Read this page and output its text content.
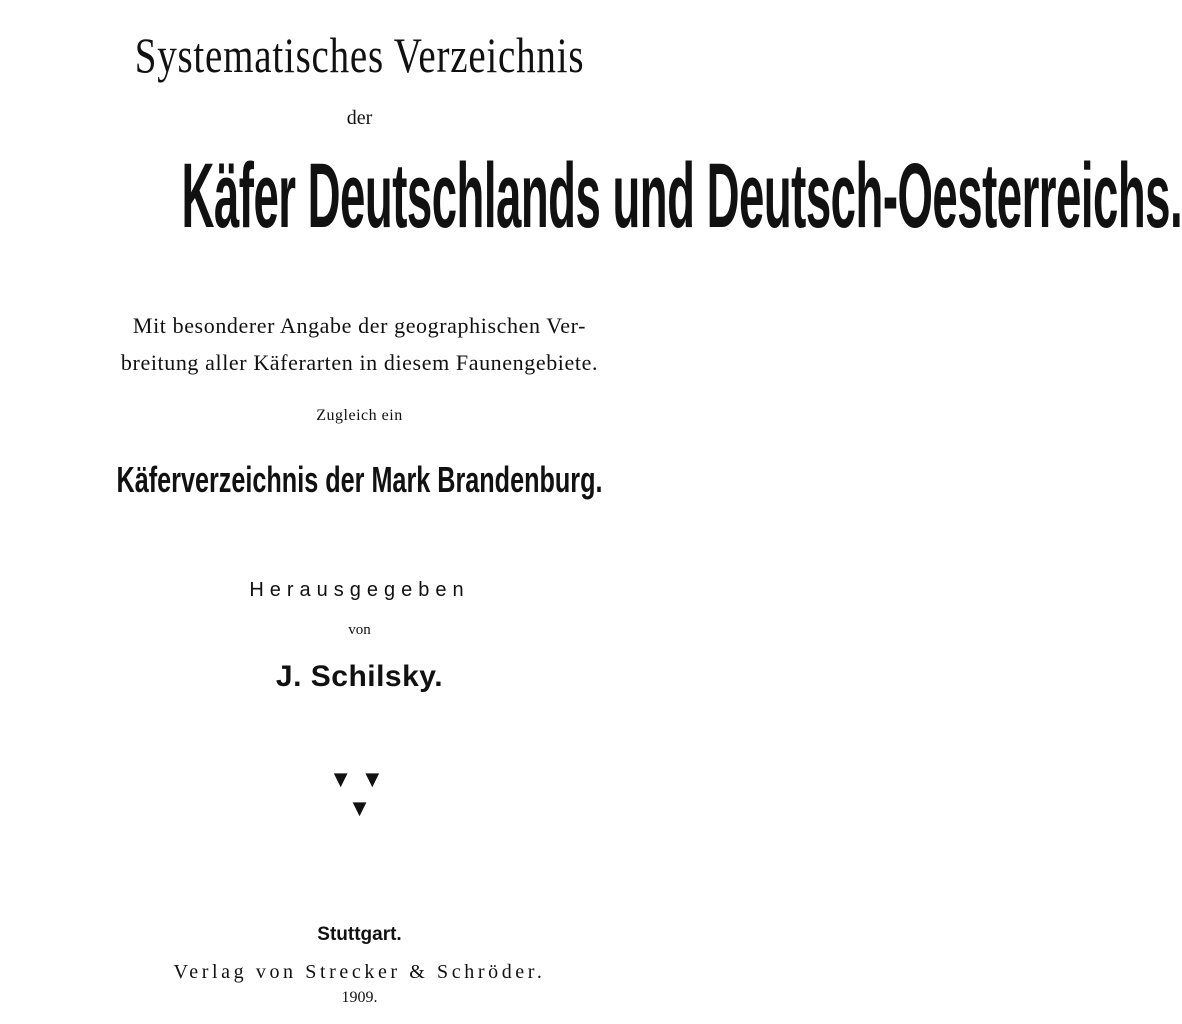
Systematisches Verzeichnis
der
Käfer Deutschlands und Deutsch-Oesterreichs.
Mit besonderer Angabe der geographischen Ver-
breitung aller Käferarten in diesem Faunengebiete.
Zugleich ein
Käferverzeichnis der Mark Brandenburg.
Herausgegeben
von
J. Schilsky.
▼ ▼
▼
Stuttgart.
Verlag von Strecker & Schröder.
1909.
